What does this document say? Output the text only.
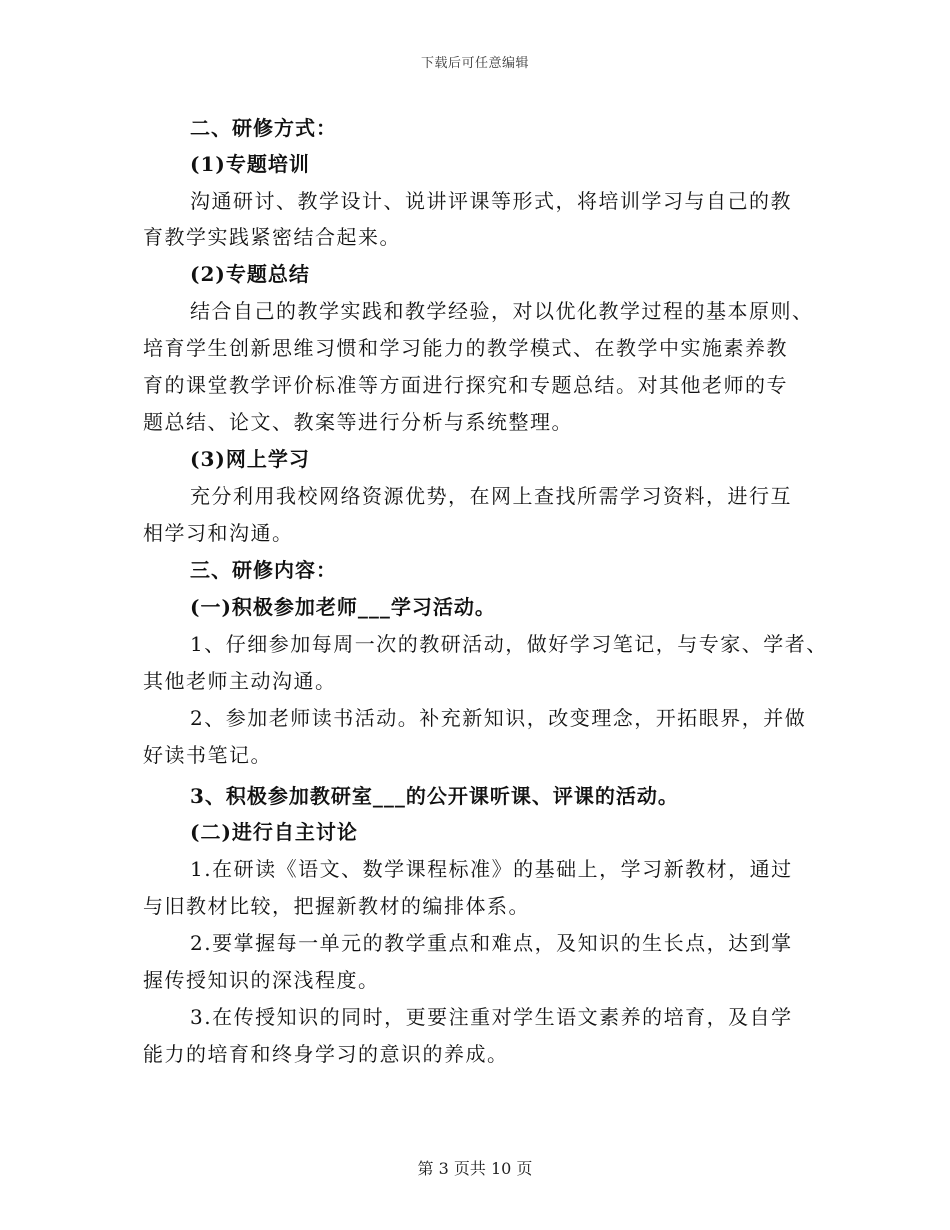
下载后可任意编辑
二、研修方式：
(1)专题培训
沟通研讨、教学设计、说讲评课等形式，将培训学习与自己的教
育教学实践紧密结合起来。
(2)专题总结
结合自己的教学实践和教学经验，对以优化教学过程的基本原则、
培育学生创新思维习惯和学习能力的教学模式、在教学中实施素养教
育的课堂教学评价标准等方面进行探究和专题总结。对其他老师的专
题总结、论文、教案等进行分析与系统整理。
(3)网上学习
充分利用我校网络资源优势，在网上查找所需学习资料，进行互
相学习和沟通。
三、研修内容：
(一)积极参加老师___学习活动。
1、仔细参加每周一次的教研活动，做好学习笔记，与专家、学者、
其他老师主动沟通。
2、参加老师读书活动。补充新知识，改变理念，开拓眼界，并做
好读书笔记。
3、积极参加教研室___的公开课听课、评课的活动。
(二)进行自主讨论
1.在研读《语文、数学课程标准》的基础上，学习新教材，通过
与旧教材比较，把握新教材的编排体系。
2.要掌握每一单元的教学重点和难点，及知识的生长点，达到掌
握传授知识的深浅程度。
3.在传授知识的同时，更要注重对学生语文素养的培育，及自学
能力的培育和终身学习的意识的养成。
第 3 页共 10 页
